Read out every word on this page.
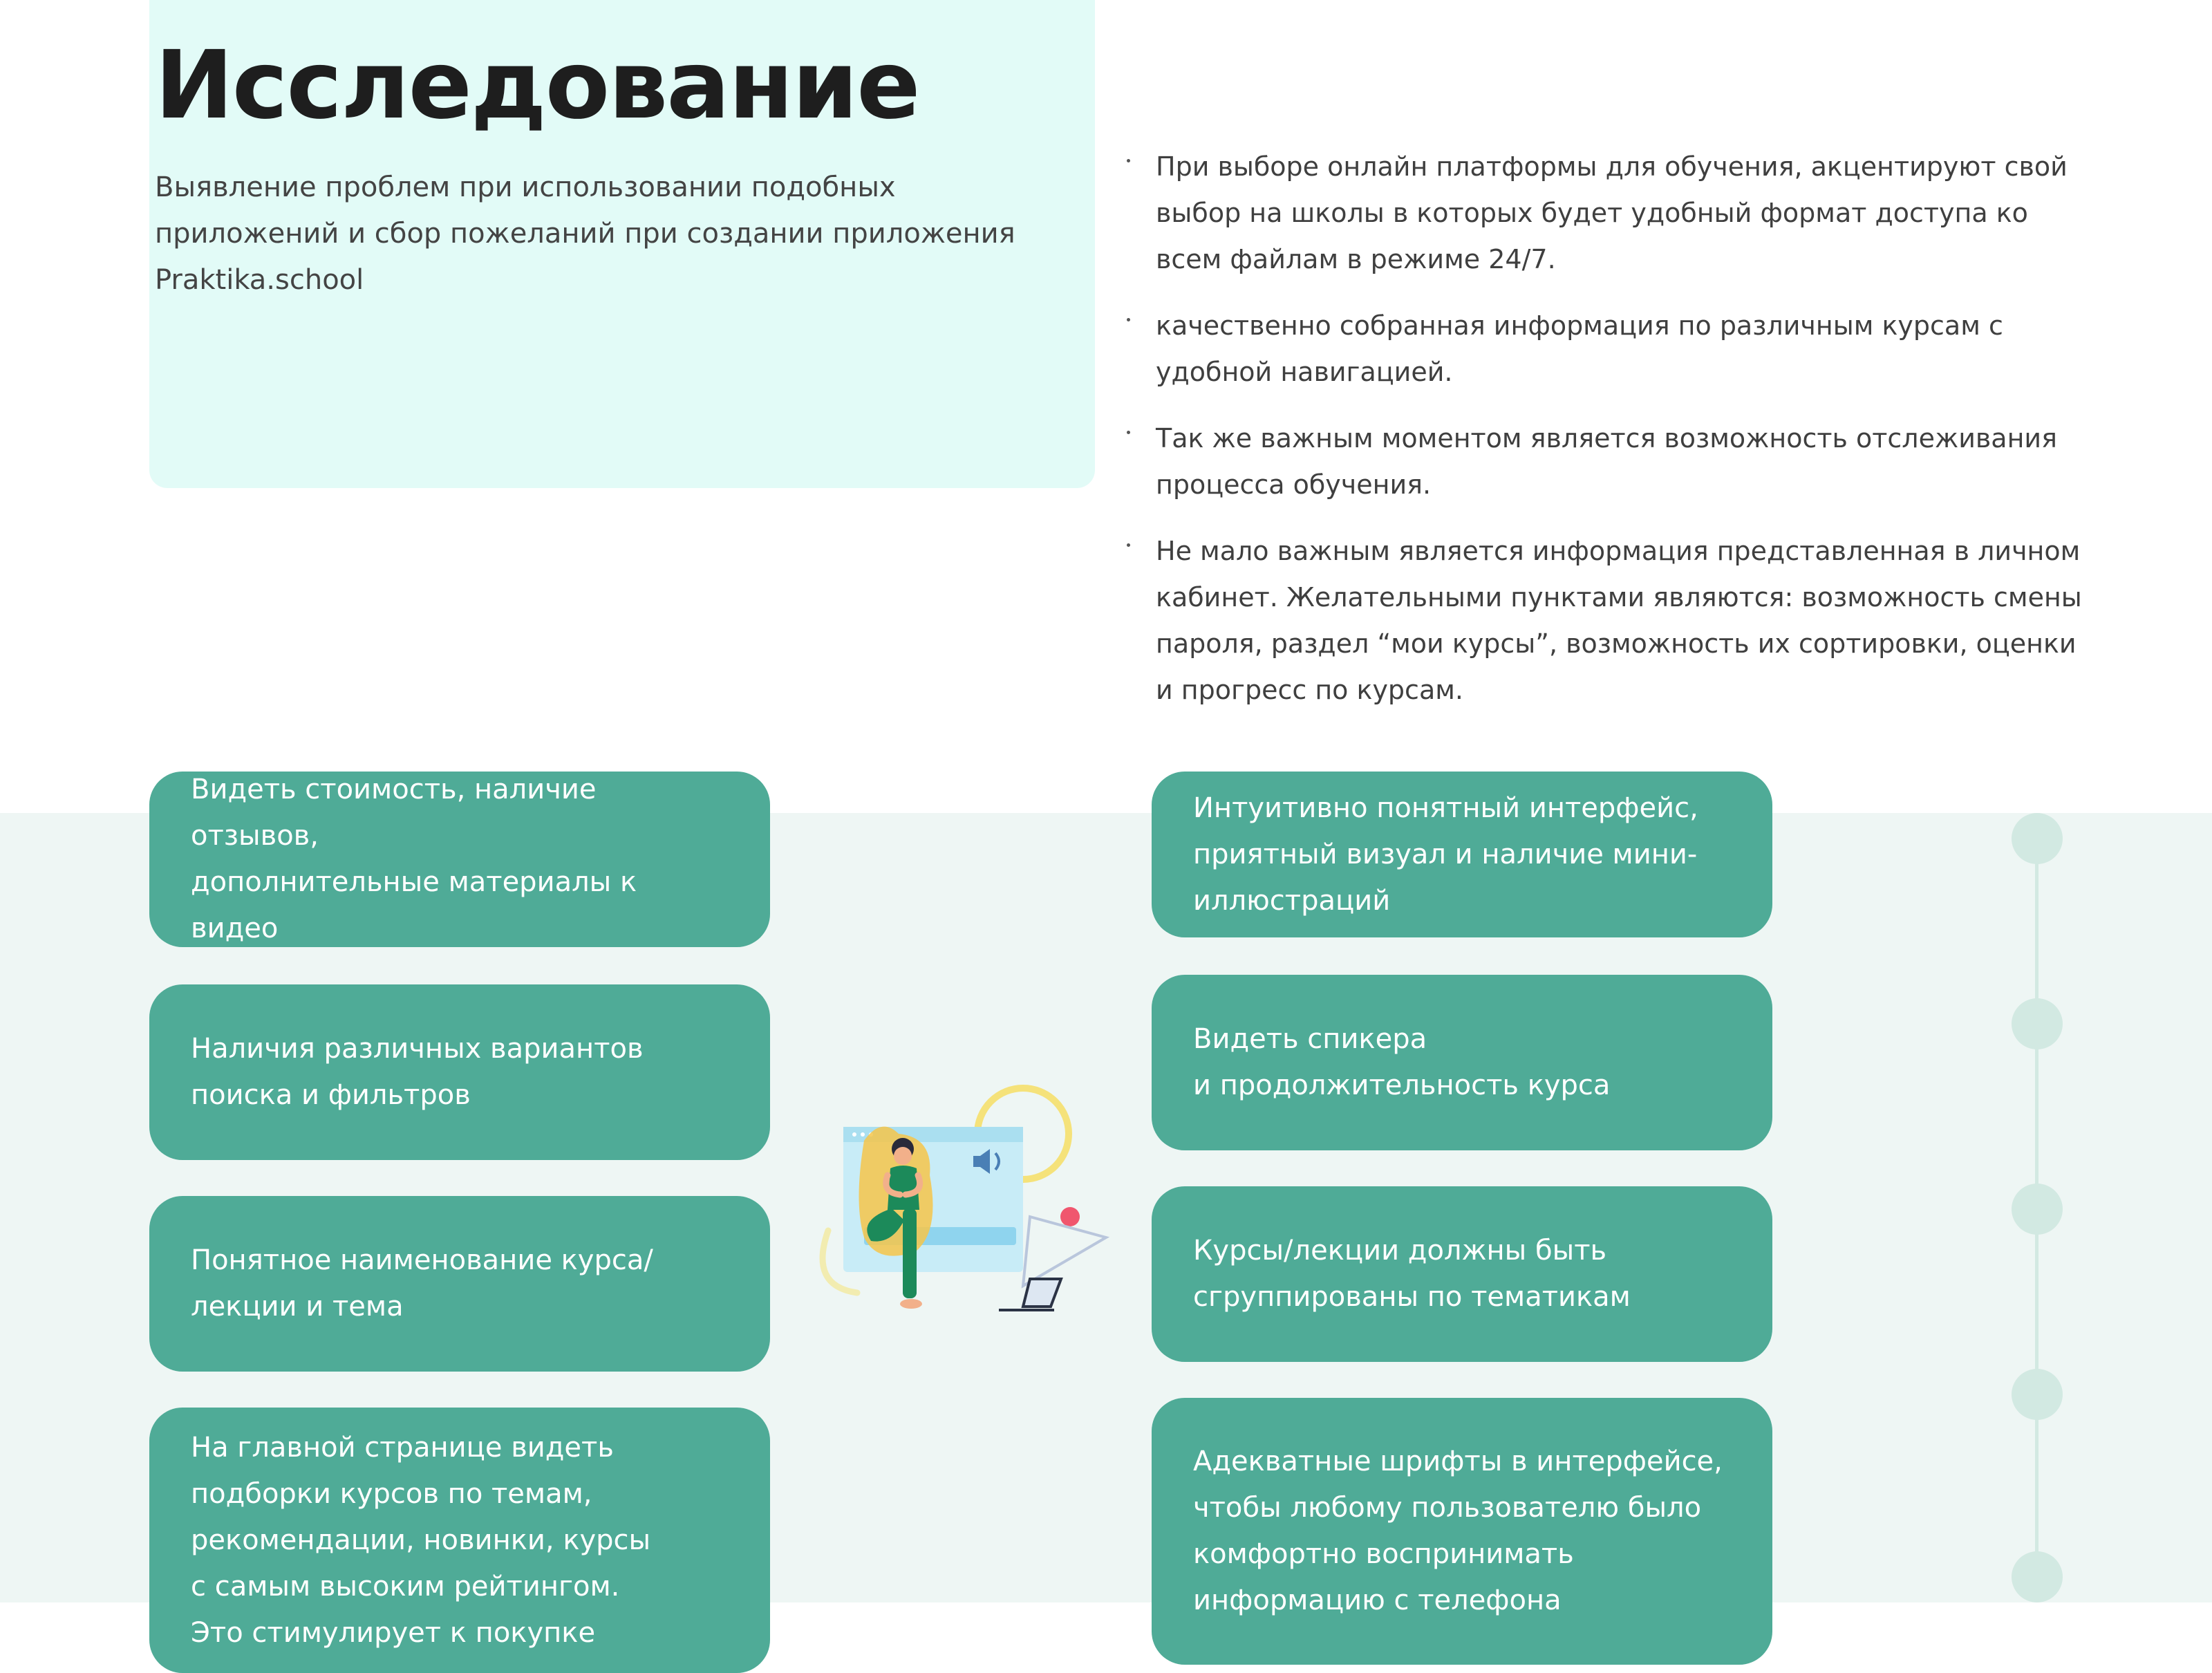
Исследование

Выявление проблем при использовании подобных приложений и сбор пожеланий при создании приложения Praktika.school

При выборе онлайн платформы для обучения, акцентируют свой выбор на школы в которых будет удобный формат доступа ко всем файлам в режиме 24/7.
качественно собранная информация по различным курсам с удобной навигацией.
Так же важным моментом является возможность отслеживания процесса обучения.
Не мало важным является информация представленная в личном кабинет. Желательными пунктами являются: возможность смены пароля, раздел “мои курсы”, возможность их сортировки, оценки и прогресс по курсам.
Видеть стоимость, наличие отзывов,
дополнительные материалы к видео
Наличия различных вариантов
поиска и фильтров
Понятное наименование курса/
лекции и тема
На главной странице видеть
подборки курсов по темам,
рекомендации, новинки, курсы
с самым высоким рейтингом.
Это стимулирует к покупке
Интуитивно понятный интерфейс,
приятный визуал и наличие мини-
иллюстраций
Видеть спикера
и продолжительность курса
Курсы/лекции должны быть
сгруппированы по тематикам
Адекватные шрифты в интерфейсе,
чтобы любому пользователю было
комфортно воспринимать
информацию с телефона
